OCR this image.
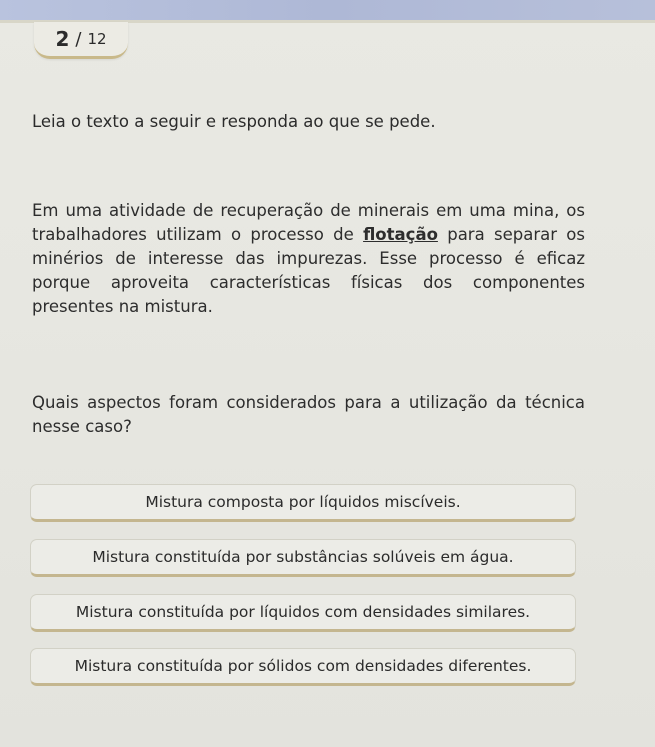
2 / 12

Leia o texto a seguir e responda ao que se pede.

Em uma atividade de recuperação de minerais em uma mina, os trabalhadores utilizam o processo de flotação para separar os minérios de interesse das impurezas. Esse processo é eficaz porque aproveita características físicas dos componentes presentes na mistura.

Quais aspectos foram considerados para a utilização da técnica nesse caso?

Mistura composta por líquidos miscíveis.
Mistura constituída por substâncias solúveis em água.
Mistura constituída por líquidos com densidades similares.
Mistura constituída por sólidos com densidades diferentes.
